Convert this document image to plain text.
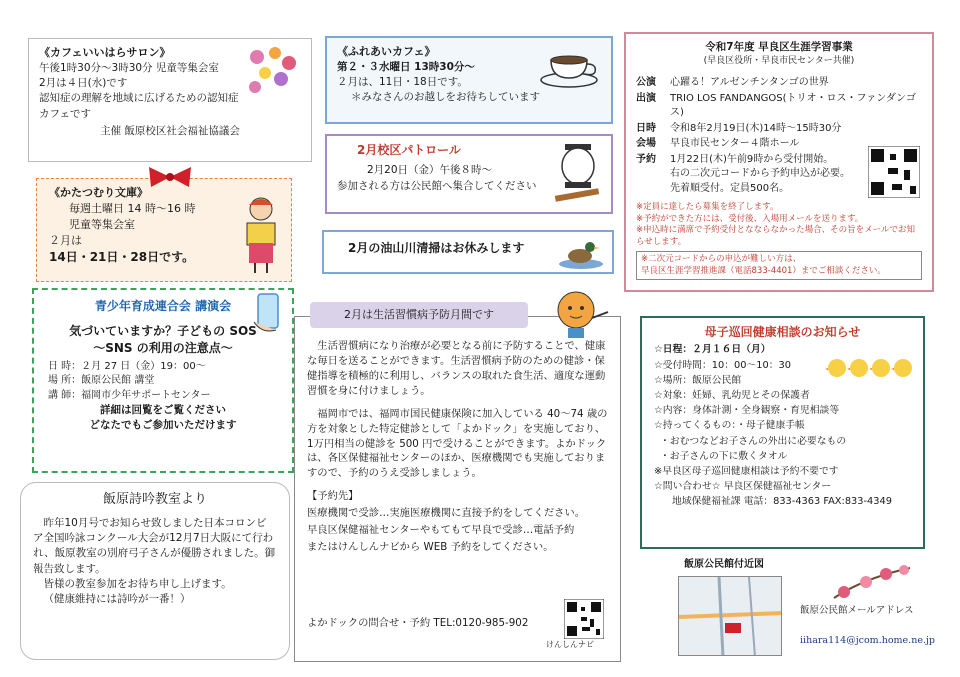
《カフェいいはらサロン》
午後1時30分～3時30分 児童等集会室
2月は４日(水)です
認知症の理解を地域に広げるための認知症
カフェです
主催 飯原校区社会福祉協議会
《ふれあいカフェ》
第２・３水曜日 13時30分～
２月は、11日・18日です。
＊みなさんのお越しをお待ちしています
2月校区パトロール
2月20日（金）午後８時～
参加される方は公民館へ集合してください
2月の油山川清掃はお休みします
《かたつむり文庫》
毎週土曜日 14 時～16 時
児童等集会室
２月は
14日・21日・28日です。
青少年育成連合会 講演会
気づいていますか？子どもの SOS
～SNS の利用の注意点～
日 時：２月 27 日（金）19：00～
場 所：飯原公民館 講堂
講 師：福岡市少年サポートセンター
詳細は回覧をご覧ください
どなたでもご参加いただけます
飯原詩吟教室より
昨年10月号でお知らせ致しました日本コロンビア全国吟詠コンクール大会が12月7日大阪にて行われ、飯原教室の別府弓子さんが優勝されました。御報告致します。
皆様の教室参加をお待ち申し上げます。
（健康維持には詩吟が一番！）

生活習慣病になり治療が必要となる前に予防することで、健康な毎日を送ることができます。生活習慣病予防のための健診・保健指導を積極的に利用し、バランスの取れた食生活、適度な運動習慣を身に付けましょう。

福岡市では、福岡市国民健康保険に加入している 40～74 歳の方を対象とした特定健診として「よかドック」を実施しており、1万円相当の健診を 500 円で受けることができます。よかドックは、各区保健福祉センターのほか、医療機関でも実施しておりますので、予約のうえ受診しましょう。

【予約先】
医療機関で受診…実施医療機関に直接予約をしてください。
早良区保健福祉センターやもてもて早良で受診…電話予約
またはけんしんナビから WEB 予約をしてください。
よかドックの問合せ・予約 TEL:0120-985-902
けんしんナビ
2月は生活習慣病予防月間です
令和7年度 早良区生涯学習事業
(早良区役所・早良市民センター共催)
公演	心躍る！アルゼンチンタンゴの世界
出演	TRIO LOS FANDANGOS(トリオ・ロス・ファンダンゴス)
日時	令和8年2月19日(木)14時～15時30分
会場	早良市民センター４階ホール
予約	1月22日(木)午前9時から受付開始。
右の二次元コードから予約申込が必要。
先着順受付。定員500名。
※定員に達したら募集を終了します。
※予約ができた方には、受付後、入場用メールを送ります。
※申込時に満席で予約受付となならなかった場合、その旨をメールでお知らせします。
※二次元コードからの申込が難しい方は、
早良区生涯学習推進課（電話833-4401）までご相談ください。
母子巡回健康相談のお知らせ
☆日程：２月１６日（月）
☆受付時間：10：00～10：30
☆場所：飯原公民館
☆対象：妊婦、乳幼児とその保護者
☆内容：身体計測・全身観察・育児相談等
☆持ってくるもの：・母子健康手帳
・おむつなどお子さんの外出に必要なもの
・お子さんの下に敷くタオル
※早良区母子巡回健康相談は予約不要です
☆問い合わせ☆ 早良区保健福祉センター
地域保健福祉課 電話：833-4363 FAX:833-4349
飯原公民館付近図
飯原公民館メールアドレス
iihara114@jcom.home.ne.jp
